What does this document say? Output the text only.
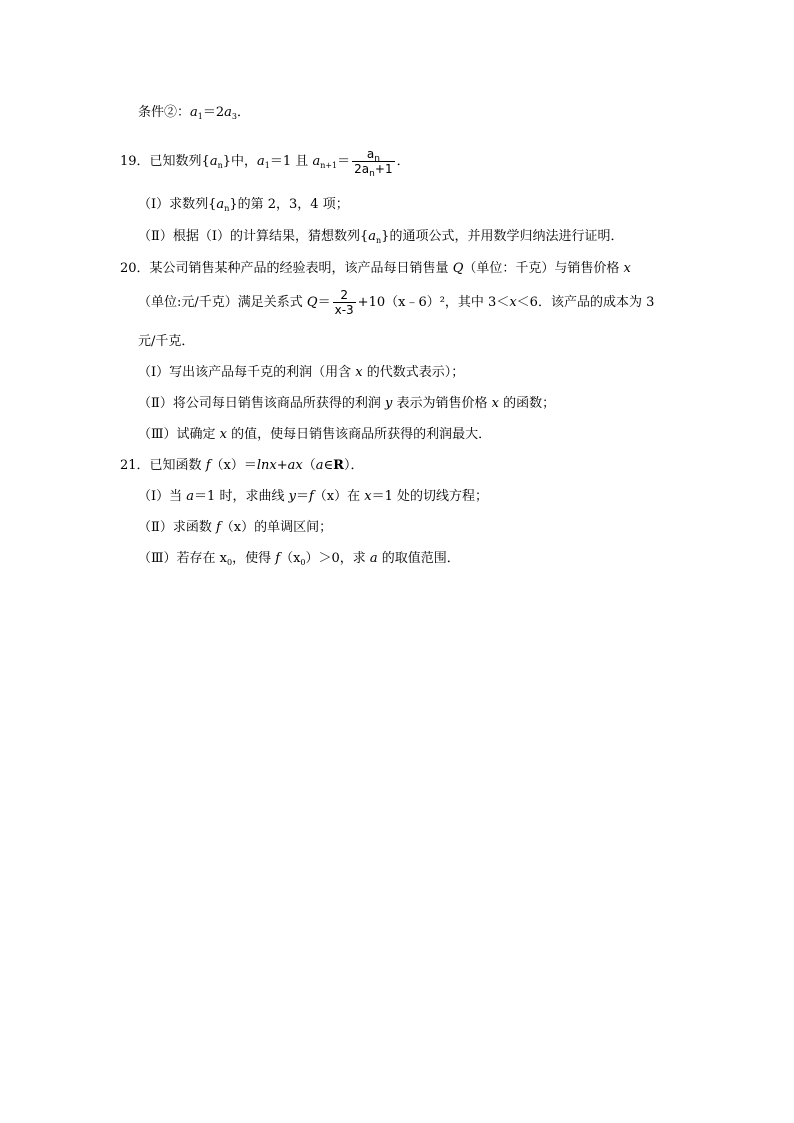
条件②：$a_1=2a_3$．
19．已知数列$\{a_n\}$中，$a_1=1$ 且 $a_{n+1}= \frac{a_n}{2a_n+1}$ ．
（Ⅰ）求数列$\{a_n\}$的第 2，3，4 项；
（Ⅱ）根据（Ⅰ）的计算结果，猜想数列$\{a_n\}$的通项公式，并用数学归纳法进行证明．
20．某公司销售某种产品的经验表明，该产品每日销售量 Q（单位：千克）与销售价格 x
（单位:元/千克）满足关系式 $Q= \frac{2}{x-3}$ +10（x﹣6）²，其中 3＜x＜6．该产品的成本为 3
元/千克．
（Ⅰ）写出该产品每千克的利润（用含 x 的代数式表示）；
（Ⅱ）将公司每日销售该商品所获得的利润 y 表示为销售价格 x 的函数；
（Ⅲ）试确定 x 的值，使每日销售该商品所获得的利润最大．
21．已知函数 f（x）＝lnx+ax（a∈R）．
（Ⅰ）当 a＝1 时，求曲线 y＝f（x）在 x＝1 处的切线方程；
（Ⅱ）求函数 f（x）的单调区间；
（Ⅲ）若存在 $x_0$，使得 $f(x_0)>0$，求 a 的取值范围．
